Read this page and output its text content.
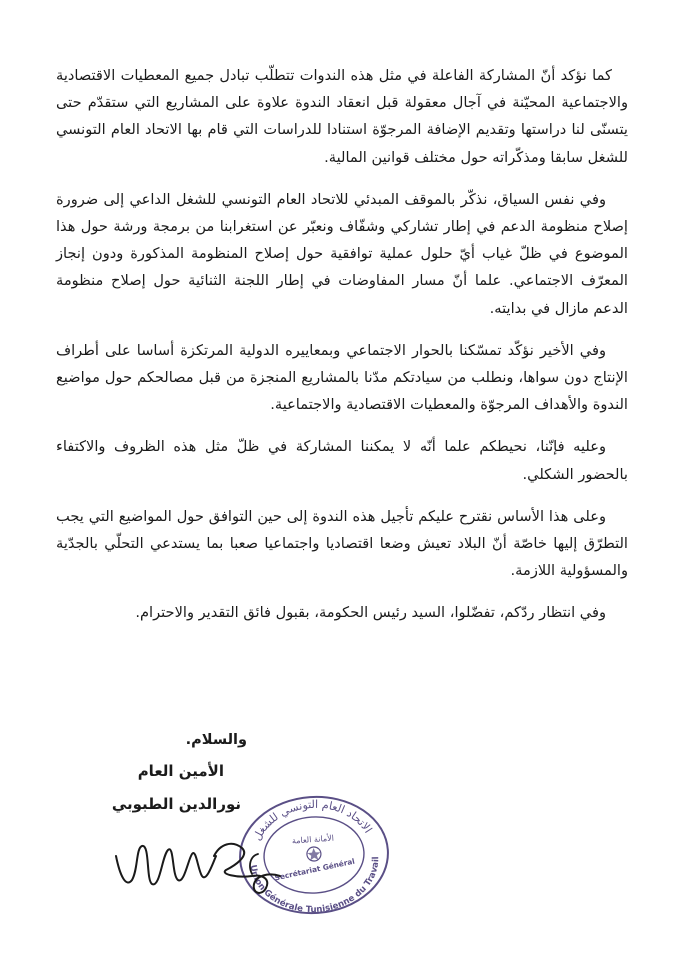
كما نؤكد أنّ المشاركة الفاعلة في مثل هذه الندوات تتطلّب تبادل جميع المعطيات الاقتصادية والاجتماعية المحيّنة في آجال معقولة قبل انعقاد الندوة علاوة على المشاريع التي ستقدّم حتى يتسنّى لنا دراستها وتقديم الإضافة المرجوّة استنادا للدراسات التي قام بها الاتحاد العام التونسي للشغل سابقا ومذكّراته حول مختلف قوانين المالية.

وفي نفس السياق، نذكّر بالموقف المبدئي للاتحاد العام التونسي للشغل الداعي إلى ضرورة إصلاح منظومة الدعم في إطار تشاركي وشفّاف ونعبّر عن استغرابنا من برمجة ورشة حول هذا الموضوع في ظلّ غياب أيّ حلول عملية توافقية حول إصلاح المنظومة المذكورة ودون إنجاز المعرّف الاجتماعي. علما أنّ مسار المفاوضات في إطار اللجنة الثنائية حول إصلاح منظومة الدعم مازال في بدايته.

وفي الأخير نؤكّد تمسّكنا بالحوار الاجتماعي وبمعاييره الدولية المرتكزة أساسا على أطراف الإنتاج دون سواها، ونطلب من سيادتكم مدّنا بالمشاريع المنجزة من قبل مصالحكم حول مواضيع الندوة والأهداف المرجوّة والمعطيات الاقتصادية والاجتماعية.

وعليه فإنّنا، نحيطكم علما أنّه لا يمكننا المشاركة في ظلّ مثل هذه الظروف والاكتفاء بالحضور الشكلي.

وعلى هذا الأساس نقترح عليكم تأجيل هذه الندوة إلى حين التوافق حول المواضيع التي يجب التطرّق إليها خاصّة أنّ البلاد تعيش وضعا اقتصاديا واجتماعيا صعبا بما يستدعي التحلّي بالجدّية والمسؤولية اللازمة.

وفي انتظار ردّكم، تفضّلوا، السيد رئيس الحكومة، بقبول فائق التقدير والاحترام.

والسلام.
الأمين العام
نورالدين الطبوبي
الاتحاد العام التونسي للشغل
Union Générale Tunisienne du Travail
الأمانة العامة
Secrétariat Général
